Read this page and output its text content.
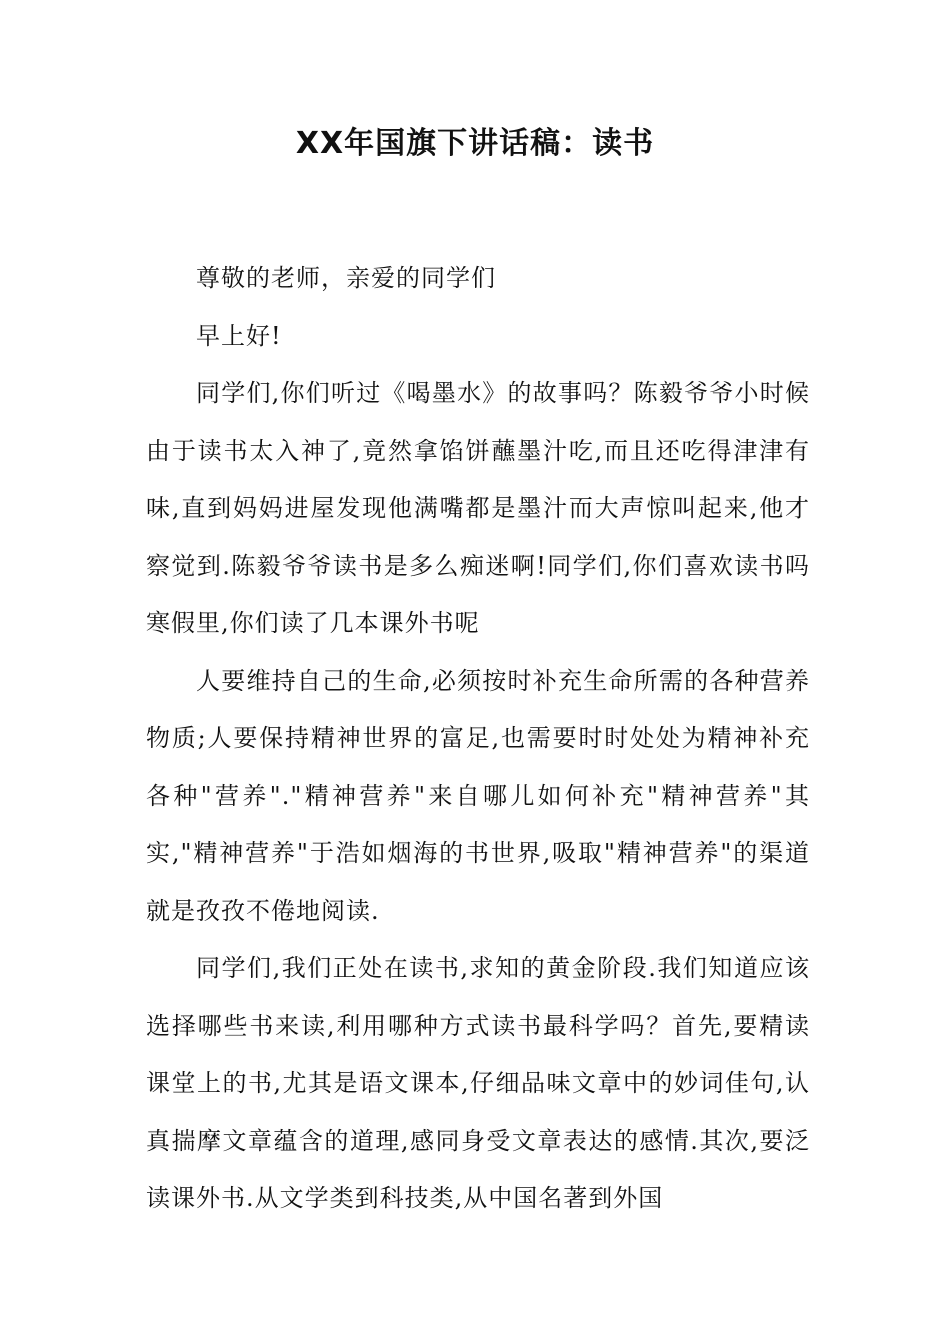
XX年国旗下讲话稿：读书

尊敬的老师，亲爱的同学们

早上好!

同学们,你们听过《喝墨水》的故事吗？陈毅爷爷小时候由于读书太入神了,竟然拿馅饼蘸墨汁吃,而且还吃得津津有味,直到妈妈进屋发现他满嘴都是墨汁而大声惊叫起来,他才察觉到.陈毅爷爷读书是多么痴迷啊!同学们,你们喜欢读书吗寒假里,你们读了几本课外书呢

人要维持自己的生命,必须按时补充生命所需的各种营养物质;人要保持精神世界的富足,也需要时时处处为精神补充各种"营养"."精神营养"来自哪儿如何补充"精神营养"其实,"精神营养"于浩如烟海的书世界,吸取"精神营养"的渠道就是孜孜不倦地阅读.

同学们,我们正处在读书,求知的黄金阶段.我们知道应该选择哪些书来读,利用哪种方式读书最科学吗？首先,要精读课堂上的书,尤其是语文课本,仔细品味文章中的妙词佳句,认真揣摩文章蕴含的道理,感同身受文章表达的感情.其次,要泛读课外书.从文学类到科技类,从中国名著到外国
